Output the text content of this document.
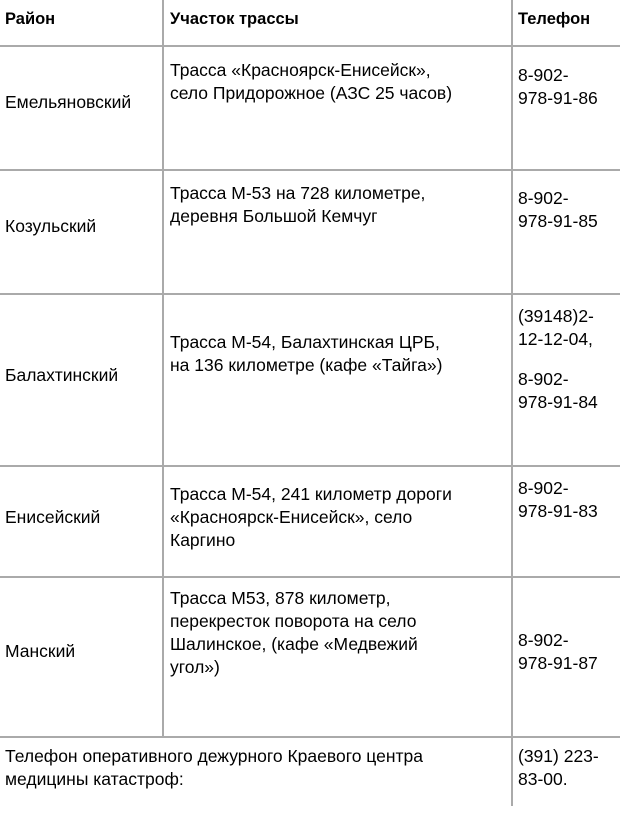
Район	Участок трассы	Телефон
Емельяновский
Трасса «Красноярск-Енисейск»,
село Придорожное (АЗС 25 часов)
8-902-
978-91-86
Козульский
Трасса М-53 на 728 километре,
деревня Большой Кемчуг
8-902-
978-91-85
Балахтинский
Трасса М-54, Балахтинская ЦРБ,
на 136 километре (кафе «Тайга»)
(39148)2-
12-12-04,
8-902-
978-91-84
Енисейский
Трасса М-54, 241 километр дороги
«Красноярск-Енисейск», село
Каргино
8-902-
978-91-83
Манский
Трасса М53, 878 километр,
перекресток поворота на село
Шалинское, (кафе «Медвежий
угол»)
8-902-
978-91-87
Телефон оперативного дежурного Краевого центра
медицины катастроф:
(391) 223-
83-00.
